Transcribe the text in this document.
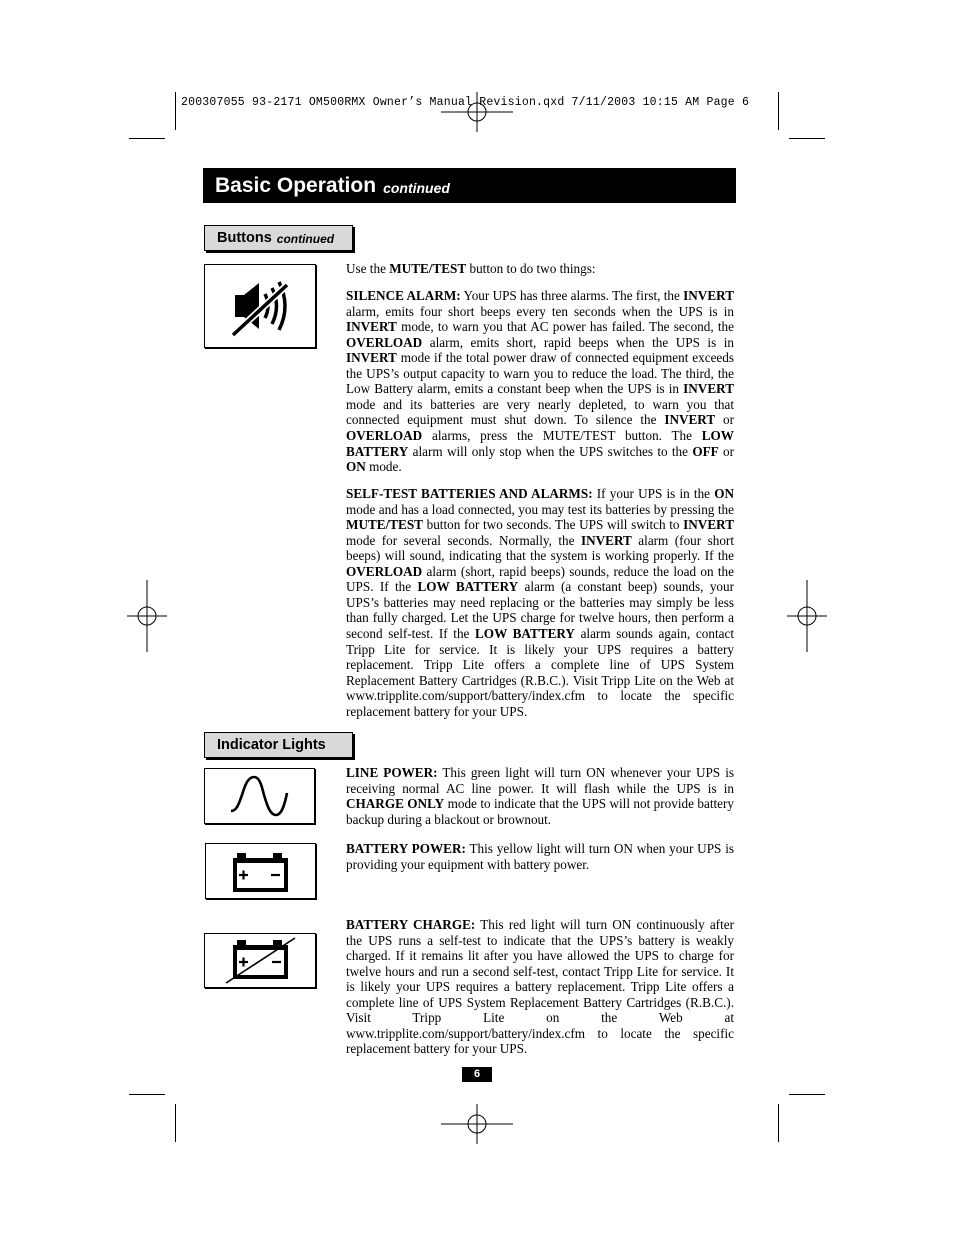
200307055 93-2171 OM500RMX Owner’s Manual Revision.qxd 7/11/2003 10:15 AM Page 6
Basic Operation continued
Buttons continued

Use the MUTE/TEST button to do two things:

SILENCE ALARM: Your UPS has three alarms. The first, the INVERT alarm, emits four short beeps every ten seconds when the UPS is in INVERT mode, to warn you that AC power has failed. The second, the OVERLOAD alarm, emits short, rapid beeps when the UPS is in INVERT mode if the total power draw of connected equipment exceeds the UPS’s output capacity to warn you to reduce the load. The third, the Low Battery alarm, emits a constant beep when the UPS is in INVERT mode and its batteries are very nearly depleted, to warn you that connected equipment must shut down. To silence the INVERT or OVERLOAD alarms, press the MUTE/TEST button. The LOW BATTERY alarm will only stop when the UPS switches to the OFF or ON mode.

SELF-TEST BATTERIES AND ALARMS: If your UPS is in the ON mode and has a load connected, you may test its batteries by pressing the MUTE/TEST button for two seconds. The UPS will switch to INVERT mode for several seconds. Normally, the INVERT alarm (four short beeps) will sound, indicating that the system is working properly. If the OVERLOAD alarm (short, rapid beeps) sounds, reduce the load on the UPS. If the LOW BATTERY alarm (a constant beep) sounds, your UPS’s batteries may need replacing or the batteries may simply be less than fully charged. Let the UPS charge for twelve hours, then perform a second self-test. If the LOW BATTERY alarm sounds again, contact Tripp Lite for service. It is likely your UPS requires a battery replacement. Tripp Lite offers a complete line of UPS System Replacement Battery Cartridges (R.B.C.). Visit Tripp Lite on the Web at www.tripplite.com/support/battery/index.cfm to locate the specific replacement battery for your UPS.

Indicator Lights

LINE POWER: This green light will turn ON whenever your UPS is receiving normal AC line power. It will flash while the UPS is in CHARGE ONLY mode to indicate that the UPS will not provide battery backup during a blackout or brownout.

BATTERY POWER: This yellow light will turn ON when your UPS is providing your equipment with battery power.

BATTERY CHARGE: This red light will turn ON continuously after the UPS runs a self-test to indicate that the UPS’s battery is weakly charged. If it remains lit after you have allowed the UPS to charge for twelve hours and run a second self-test, contact Tripp Lite for service. It is likely your UPS requires a battery replacement. Tripp Lite offers a complete line of UPS System Replacement Battery Cartridges (R.B.C.). Visit Tripp Lite on the Web at www.tripplite.com/support/battery/index.cfm to locate the specific replacement battery for your UPS.

6
